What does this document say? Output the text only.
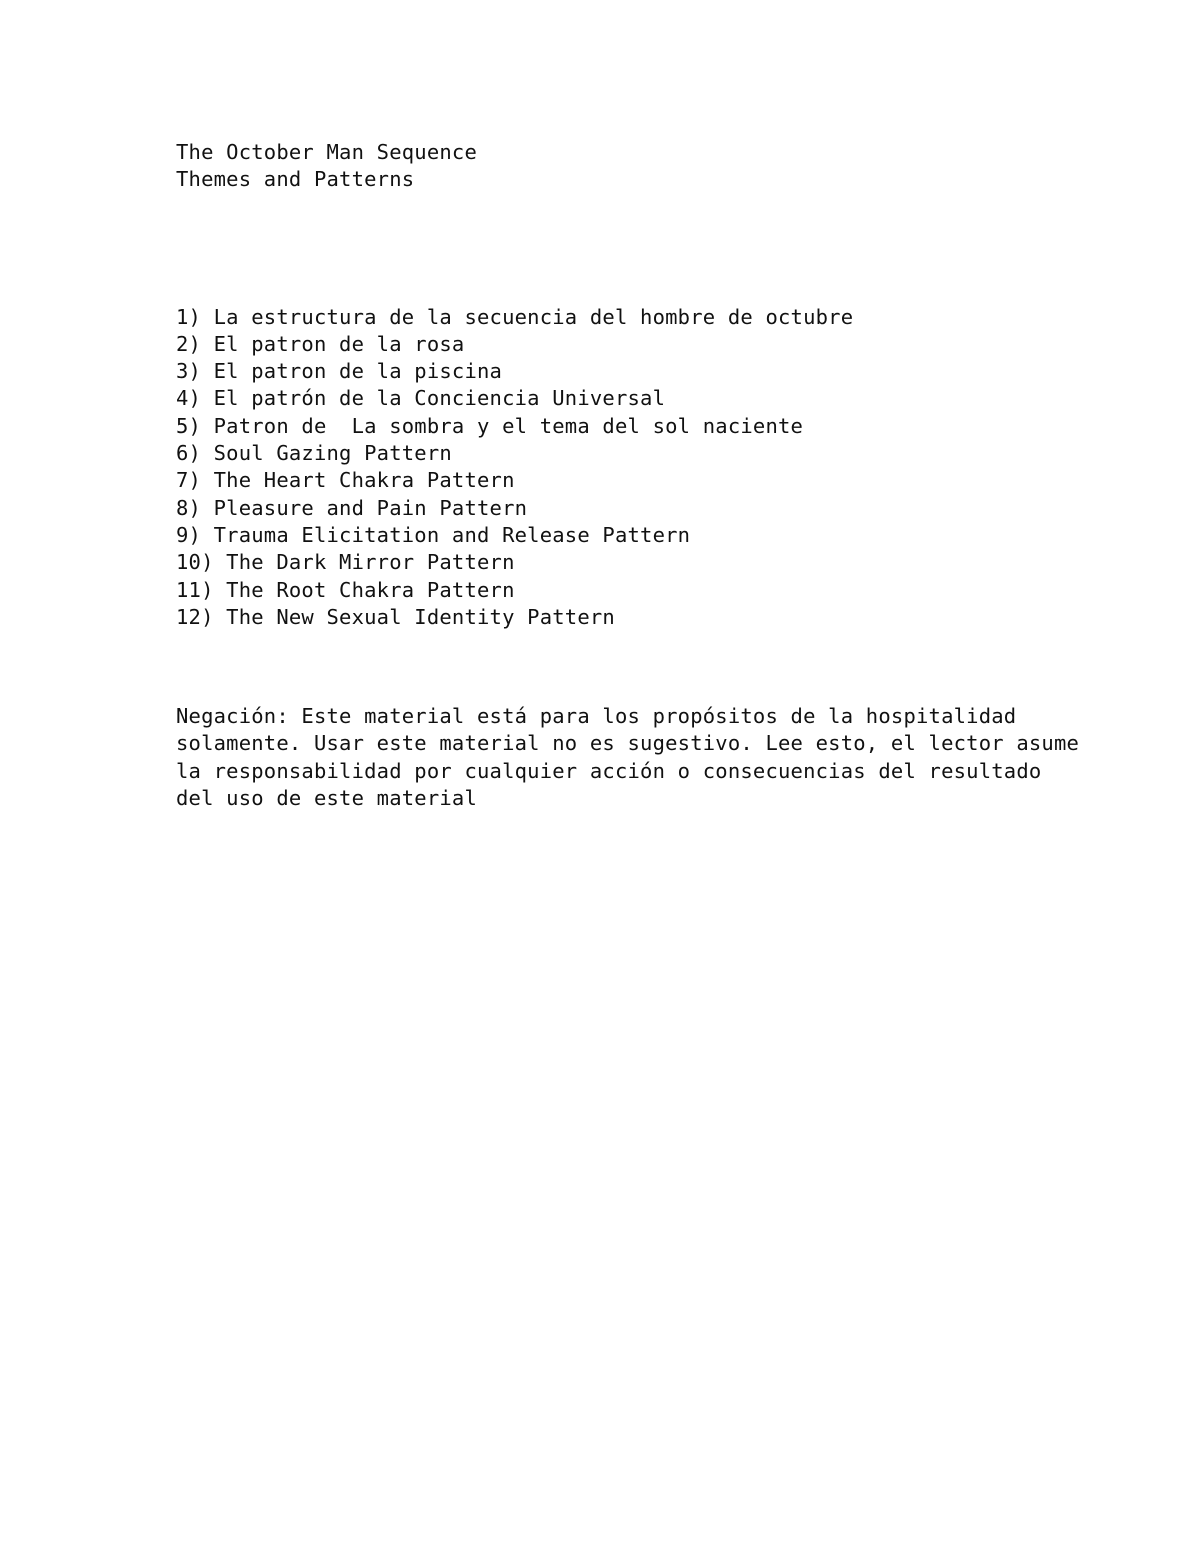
The October Man Sequence
Themes and Patterns
1) La estructura de la secuencia del hombre de octubre
2) El patron de la rosa
3) El patron de la piscina
4) El patrón de la Conciencia Universal
5) Patron de  La sombra y el tema del sol naciente
6) Soul Gazing Pattern
7) The Heart Chakra Pattern
8) Pleasure and Pain Pattern
9) Trauma Elicitation and Release Pattern
10) The Dark Mirror Pattern
11) The Root Chakra Pattern
12) The New Sexual Identity Pattern
Negación: Este material está para los propósitos de la hospitalidad
solamente. Usar este material no es sugestivo. Lee esto, el lector asume
la responsabilidad por cualquier acción o consecuencias del resultado
del uso de este material
